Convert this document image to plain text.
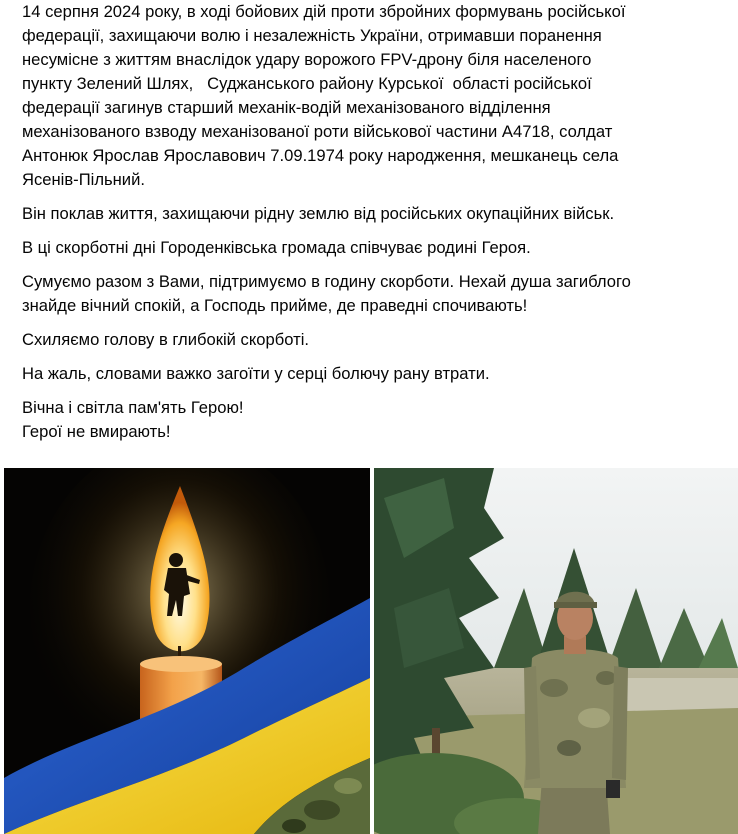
14 серпня 2024 року, в ході бойових дій проти збройних формувань російської
федерації, захищаючи волю і незалежність України, отримавши поранення
несумісне з життям внаслідок удару ворожого FPV-дрону біля населеного
пункту Зелений Шлях,   Суджанського району Курської  області російської
федерації загинув старший механік-водій механізованого відділення
механізованого взводу механізованої роти військової частини А4718, солдат
Антонюк Ярослав Ярославович 7.09.1974 року народження, мешканець села
Ясенів-Пільний.

Він поклав життя, захищаючи рідну землю від російських окупаційних військ.

В ці скорботні дні Городенківська громада співчуває родині Героя.

Сумуємо разом з Вами, підтримуємо в годину скорботи. Нехай душа загиблого
знайде вічний спокій, а Господь прийме, де праведні спочивають!

Схиляємо голову в глибокій скорботі.

На жаль, словами важко загоїти у серці болючу рану втрати.

Вічна і світла пам'ять Герою!
Герої не вмирають!
